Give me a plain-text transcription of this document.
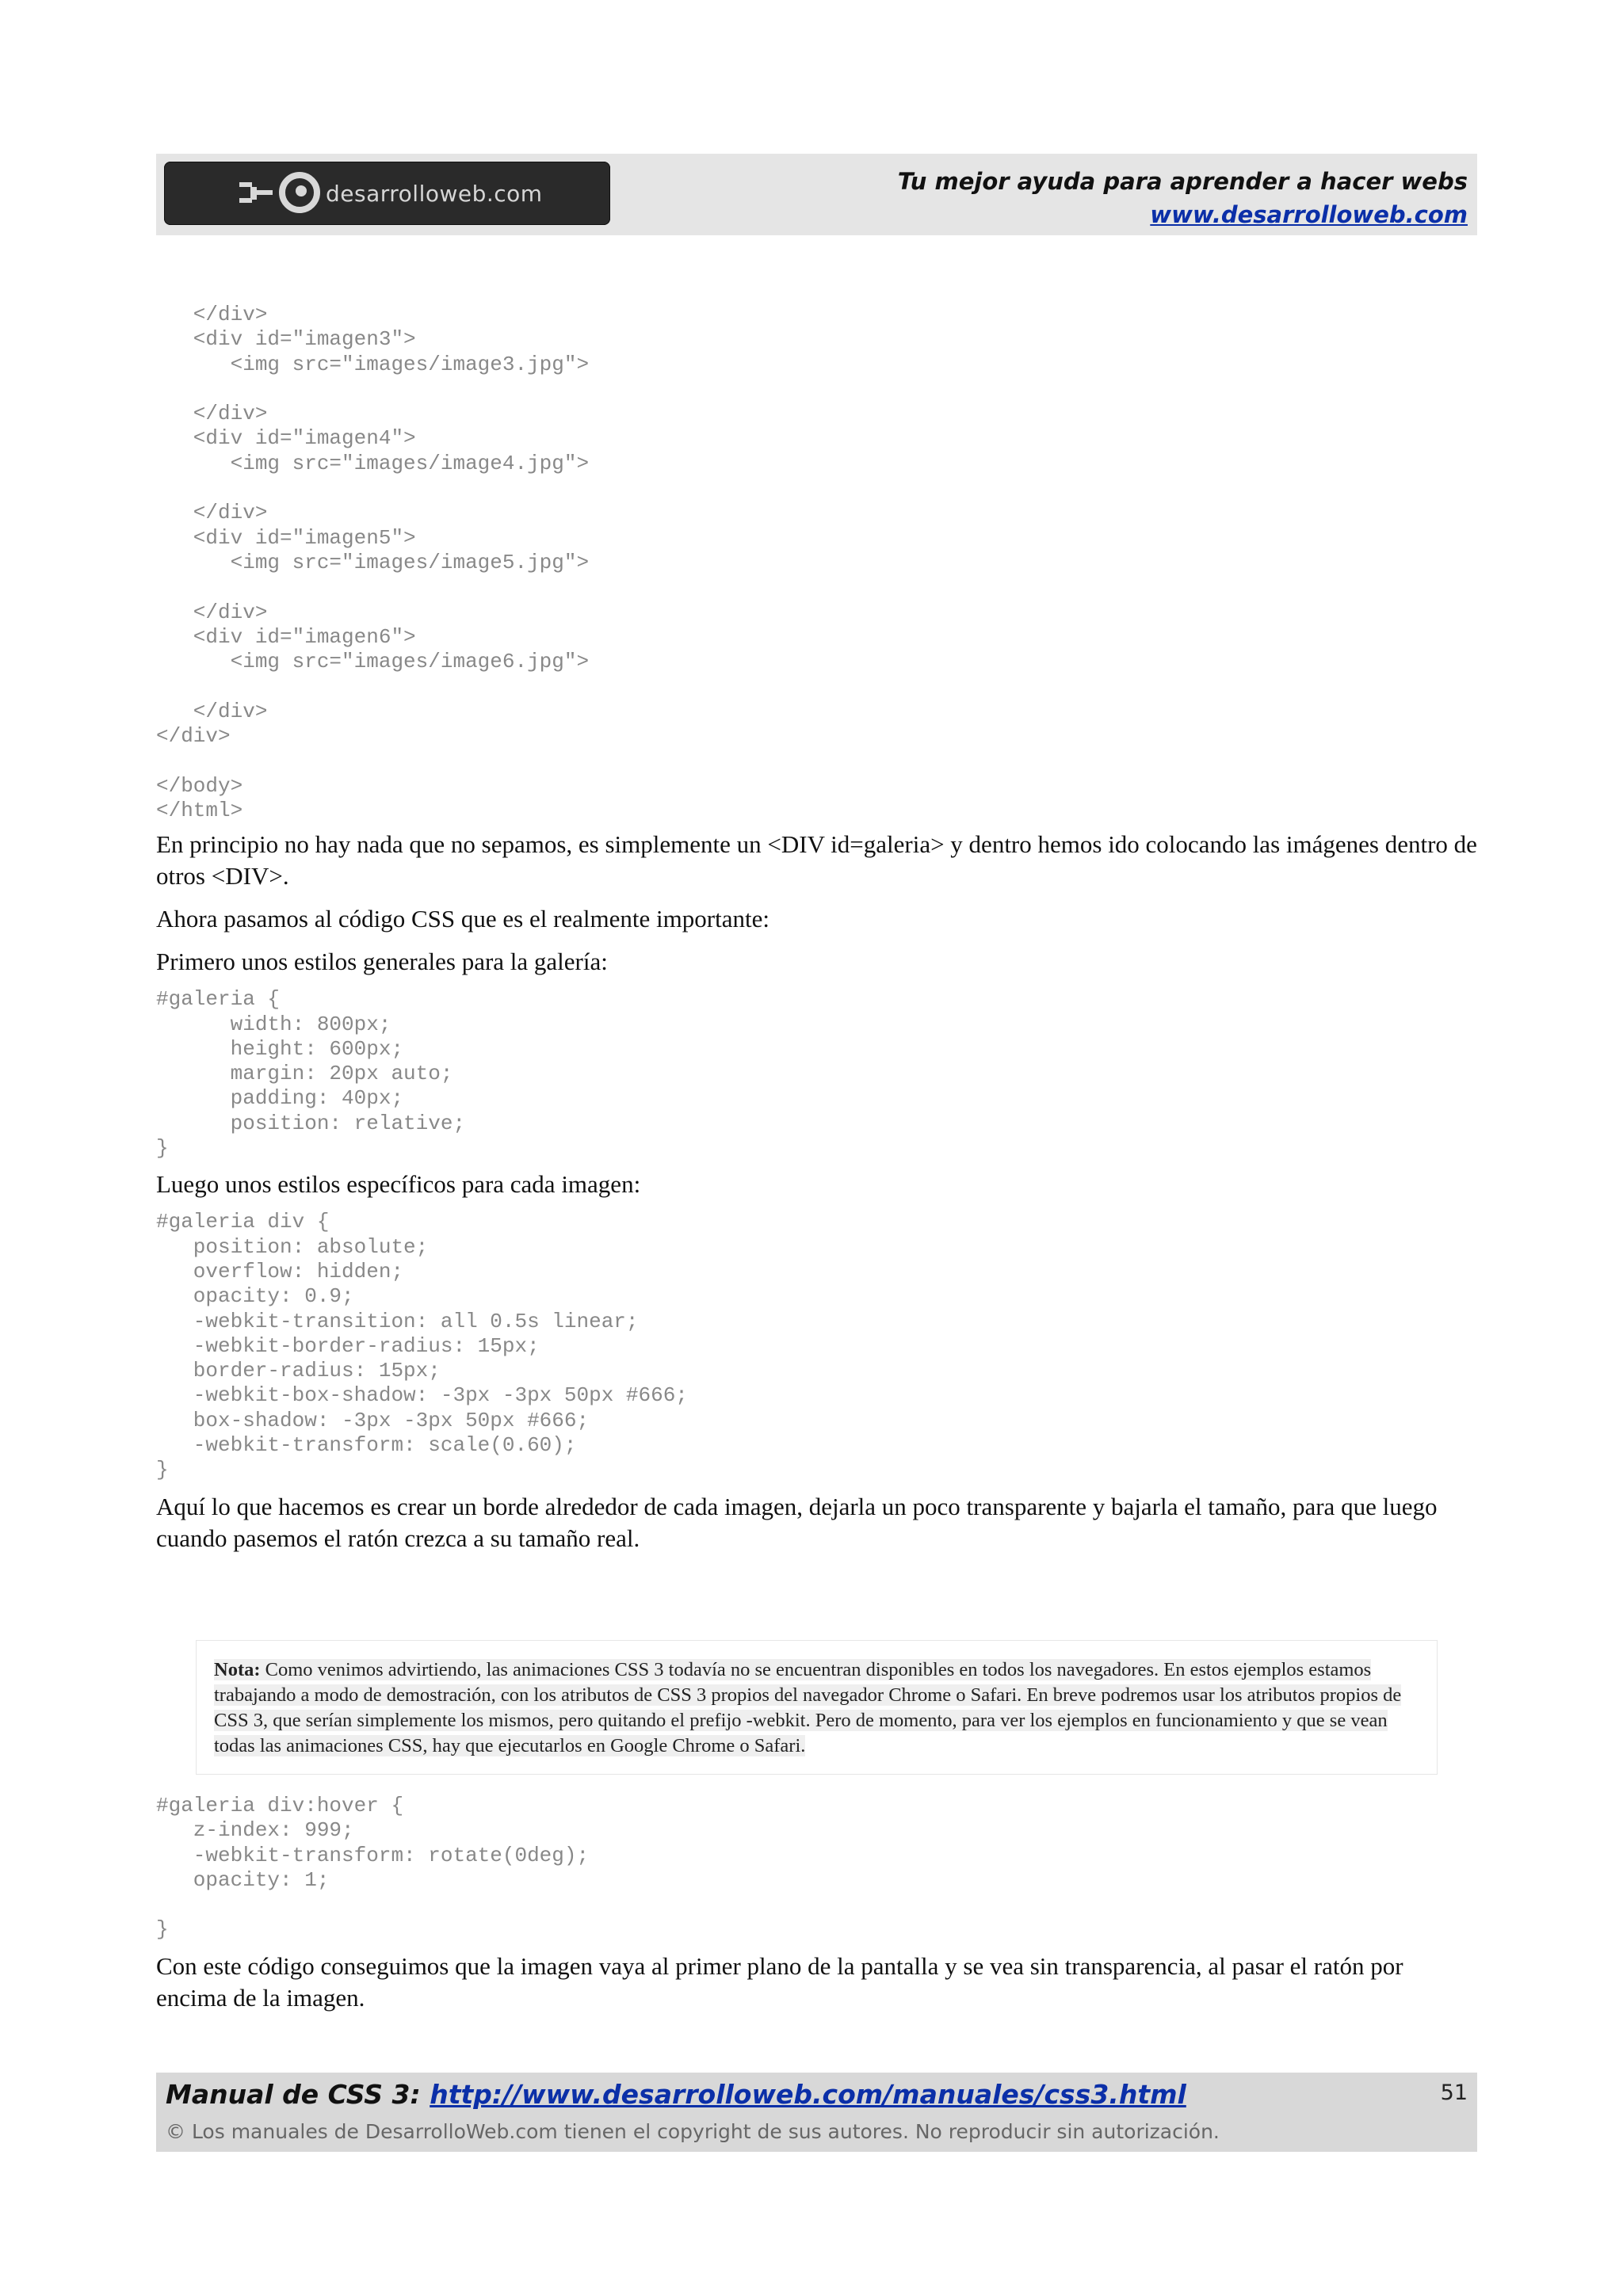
desarrolloweb.com	Tu mejor ayuda para aprender a hacer webs
www.desarrolloweb.com
</div>
<div id="imagen3">
<img src="images/image3.jpg">

</div>
<div id="imagen4">
<img src="images/image4.jpg">

</div>
<div id="imagen5">
<img src="images/image5.jpg">

</div>
<div id="imagen6">
<img src="images/image6.jpg">

</div>
</div>

</body>
</html>

En principio no hay nada que no sepamos, es simplemente un <DIV id=galeria> y dentro hemos ido colocando las imágenes dentro de otros <DIV>.

Ahora pasamos al código CSS que es el realmente importante:

Primero unos estilos generales para la galería:

#galeria {
width: 800px;
height: 600px;
margin: 20px auto;
padding: 40px;
position: relative;
}

Luego unos estilos específicos para cada imagen:

#galeria div {
position: absolute;
overflow: hidden;
opacity: 0.9;
-webkit-transition: all 0.5s linear;
-webkit-border-radius: 15px;
border-radius: 15px;
-webkit-box-shadow: -3px -3px 50px #666;
box-shadow: -3px -3px 50px #666;
-webkit-transform: scale(0.60);
}

Aquí lo que hacemos es crear un borde alrededor de cada imagen, dejarla un poco transparente y bajarla el tamaño, para que luego cuando pasemos el ratón crezca a su tamaño real.

Nota: Como venimos advirtiendo, las animaciones CSS 3 todavía no se encuentran disponibles en todos los navegadores. En estos ejemplos estamos trabajando a modo de demostración, con los atributos de CSS 3 propios del navegador Chrome o Safari. En breve podremos usar los atributos propios de CSS 3, que serían simplemente los mismos, pero quitando el prefijo -webkit. Pero de momento, para ver los ejemplos en funcionamiento y que se vean todas las animaciones CSS, hay que ejecutarlos en Google Chrome o Safari.
#galeria div:hover {
z-index: 999;
-webkit-transform: rotate(0deg);
opacity: 1;

}

Con este código conseguimos que la imagen vaya al primer plano de la pantalla y se vea sin transparencia, al pasar el ratón por encima de la imagen.

Manual de CSS 3: http://www.desarrolloweb.com/manuales/css3.html	51
© Los manuales de DesarrolloWeb.com tienen el copyright de sus autores. No reproducir sin autorización.
